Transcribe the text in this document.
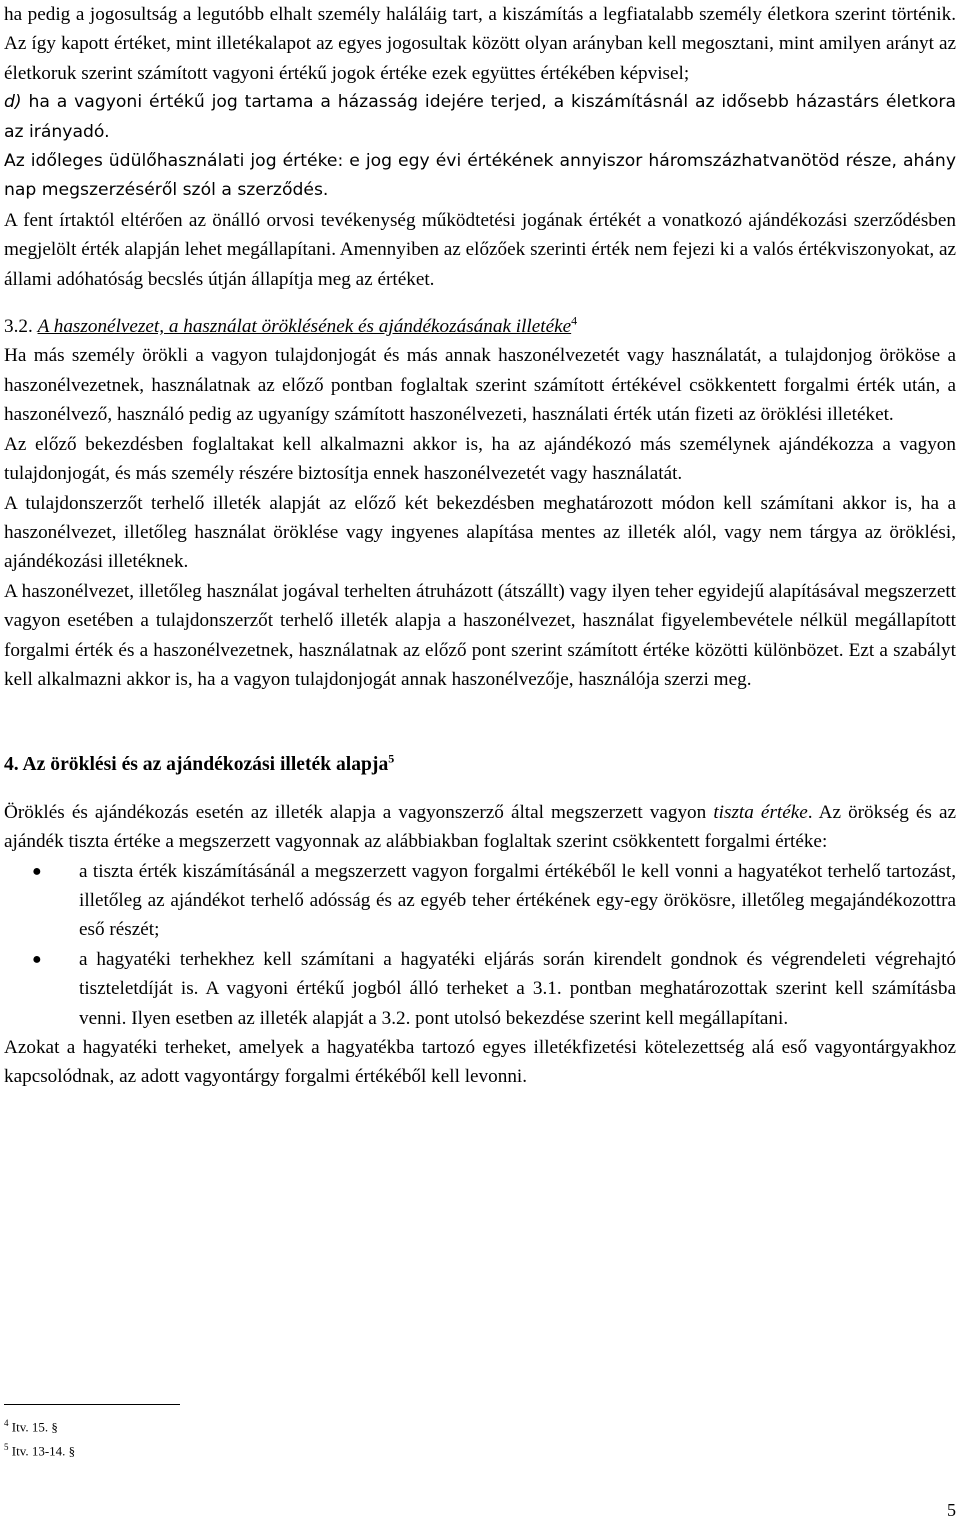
ha pedig a jogosultság a legutóbb elhalt személy haláláig tart, a kiszámítás a legfiatalabb személy életkora szerint történik. Az így kapott értéket, mint illetékalapot az egyes jogosultak között olyan arányban kell megosztani, mint amilyen arányt az életkoruk szerint számított vagyoni értékű jogok értéke ezek együttes értékében képvisel;

d) ha a vagyoni értékű jog tartama a házasság idejére terjed, a kiszámításnál az idősebb házastárs életkora az irányadó.

Az időleges üdülőhasználati jog értéke: e jog egy évi értékének annyiszor háromszázhatvanötöd része, ahány nap megszerzéséről szól a szerződés.

A fent írtaktól eltérően az önálló orvosi tevékenység működtetési jogának értékét a vonatkozó ajándékozási szerződésben megjelölt érték alapján lehet megállapítani. Amennyiben az előzőek szerinti érték nem fejezi ki a valós értékviszonyokat, az állami adóhatóság becslés útján állapítja meg az értéket.

3.2. A haszonélvezet, a használat öröklésének és ajándékozásának illetéke$^4$

Ha más személy örökli a vagyon tulajdonjogát és más annak haszonélvezetét vagy használatát, a tulajdonjog örököse a haszonélvezetnek, használatnak az előző pontban foglaltak szerint számított értékével csökkentett forgalmi érték után, a haszonélvező, használó pedig az ugyanígy számított haszonélvezeti, használati érték után fizeti az öröklési illetéket.

Az előző bekezdésben foglaltakat kell alkalmazni akkor is, ha az ajándékozó más személynek ajándékozza a vagyon tulajdonjogát, és más személy részére biztosítja ennek haszonélvezetét vagy használatát.

A tulajdonszerzőt terhelő illeték alapját az előző két bekezdésben meghatározott módon kell számítani akkor is, ha a haszonélvezet, illetőleg használat öröklése vagy ingyenes alapítása mentes az illeték alól, vagy nem tárgya az öröklési, ajándékozási illetéknek.

A haszonélvezet, illetőleg használat jogával terhelten átruházott (átszállt) vagy ilyen teher egyidejű alapításával megszerzett vagyon esetében a tulajdonszerzőt terhelő illeték alapja a haszonélvezet, használat figyelembevétele nélkül megállapított forgalmi érték és a haszonélvezetnek, használatnak az előző pont szerint számított értéke közötti különbözet. Ezt a szabályt kell alkalmazni akkor is, ha a vagyon tulajdonjogát annak haszonélvezője, használója szerzi meg.

4. Az öröklési és az ajándékozási illeték alapja$^5$

Öröklés és ajándékozás esetén az illeték alapja a vagyonszerző által megszerzett vagyon tiszta értéke. Az örökség és az ajándék tiszta értéke a megszerzett vagyonnak az alábbiakban foglaltak szerint csökkentett forgalmi értéke:

● a tiszta érték kiszámításánál a megszerzett vagyon forgalmi értékéből le kell vonni a hagyatékot terhelő tartozást, illetőleg az ajándékot terhelő adósság és az egyéb teher értékének egy-egy örökösre, illetőleg megajándékozottra eső részét;
● a hagyatéki terhekhez kell számítani a hagyatéki eljárás során kirendelt gondnok és végrendeleti végrehajtó tiszteletdíját is. A vagyoni értékű jogból álló terheket a 3.1. pontban meghatározottak szerint kell számításba venni. Ilyen esetben az illeték alapját a 3.2. pont utolsó bekezdése szerint kell megállapítani.

Azokat a hagyatéki terheket, amelyek a hagyatékba tartozó egyes illetékfizetési kötelezettség alá eső vagyontárgyakhoz kapcsolódnak, az adott vagyontárgy forgalmi értékéből kell levonni.

$^4$ Itv. 15. §
$^5$ Itv. 13-14. §
5
